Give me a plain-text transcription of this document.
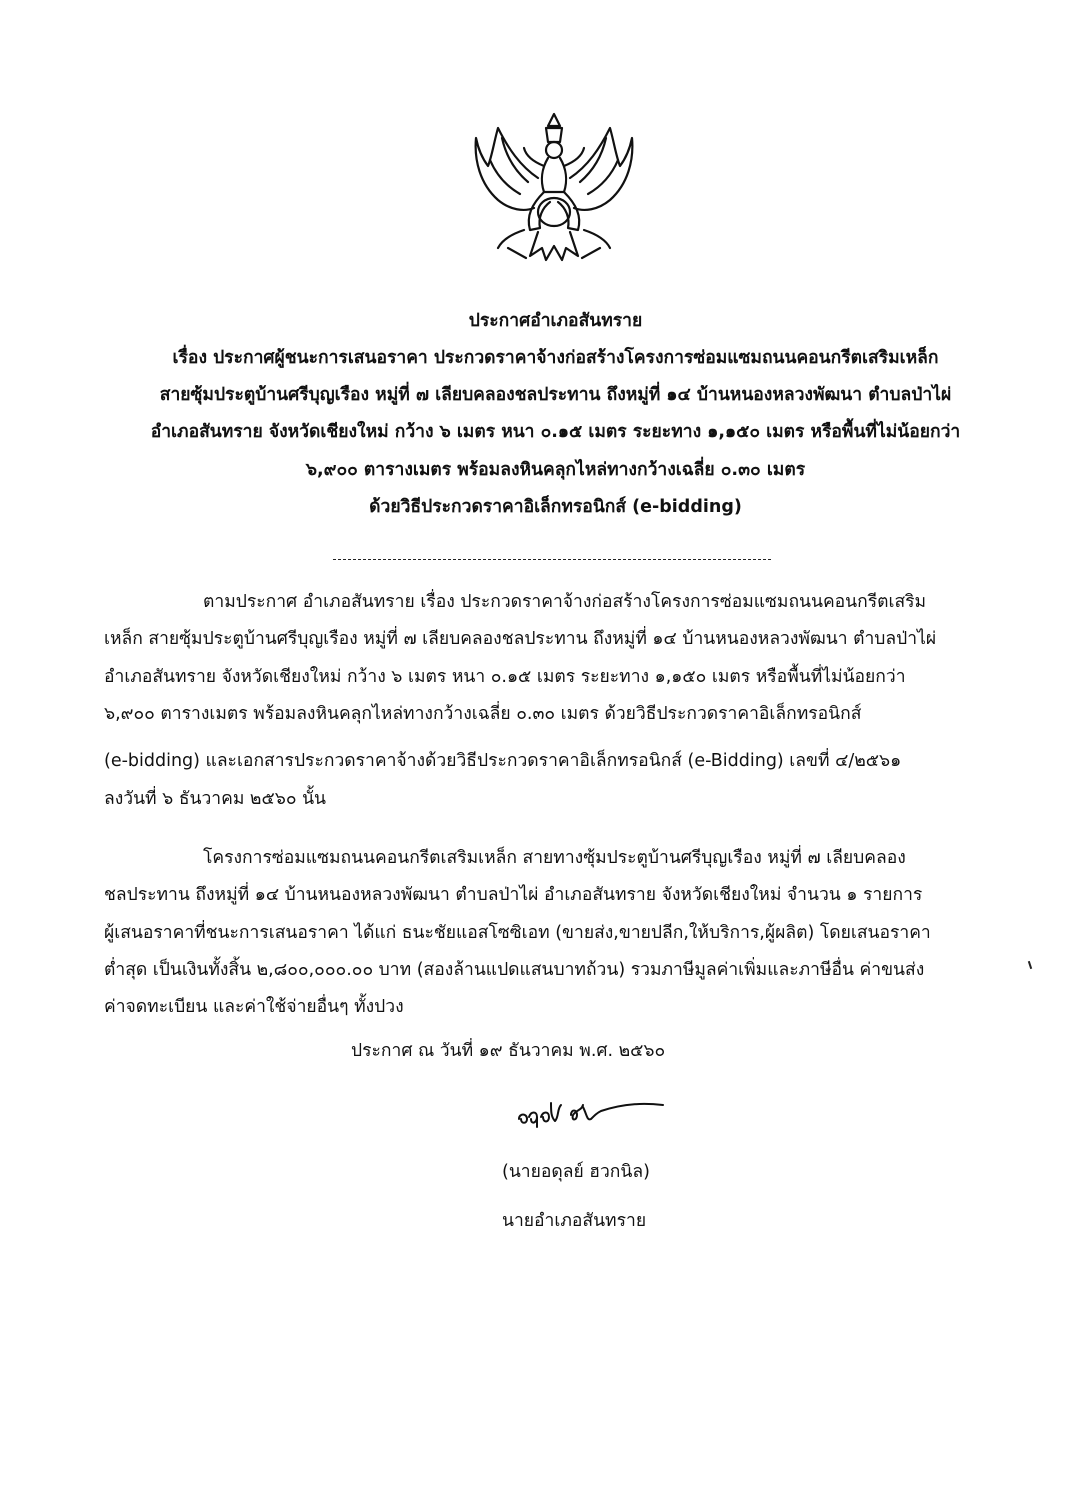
ประกาศอำเภอสันทราย
เรื่อง ประกาศผู้ชนะการเสนอราคา ประกวดราคาจ้างก่อสร้างโครงการซ่อมแซมถนนคอนกรีตเสริมเหล็ก
สายซุ้มประตูบ้านศรีบุญเรือง หมู่ที่ ๗ เลียบคลองชลประทาน ถึงหมู่ที่ ๑๔ บ้านหนองหลวงพัฒนา ตำบลป่าไผ่
อำเภอสันทราย จังหวัดเชียงใหม่ กว้าง ๖ เมตร หนา ๐.๑๕ เมตร ระยะทาง ๑,๑๕๐ เมตร หรือพื้นที่ไม่น้อยกว่า
๖,๙๐๐ ตารางเมตร พร้อมลงหินคลุกไหล่ทางกว้างเฉลี่ย ๐.๓๐ เมตร
ด้วยวิธีประกวดราคาอิเล็กทรอนิกส์ (e-bidding)
ตามประกาศ อำเภอสันทราย เรื่อง ประกวดราคาจ้างก่อสร้างโครงการซ่อมแซมถนนคอนกรีตเสริม
เหล็ก สายซุ้มประตูบ้านศรีบุญเรือง หมู่ที่ ๗ เลียบคลองชลประทาน ถึงหมู่ที่ ๑๔ บ้านหนองหลวงพัฒนา ตำบลป่าไผ่
อำเภอสันทราย จังหวัดเชียงใหม่ กว้าง ๖ เมตร หนา ๐.๑๕ เมตร ระยะทาง ๑,๑๕๐ เมตร หรือพื้นที่ไม่น้อยกว่า
๖,๙๐๐ ตารางเมตร พร้อมลงหินคลุกไหล่ทางกว้างเฉลี่ย ๐.๓๐ เมตร ด้วยวิธีประกวดราคาอิเล็กทรอนิกส์
(e-bidding) และเอกสารประกวดราคาจ้างด้วยวิธีประกวดราคาอิเล็กทรอนิกส์ (e-Bidding) เลขที่ ๔/๒๕๖๑
ลงวันที่ ๖ ธันวาคม ๒๕๖๐ นั้น
โครงการซ่อมแซมถนนคอนกรีตเสริมเหล็ก สายทางซุ้มประตูบ้านศรีบุญเรือง หมู่ที่ ๗ เลียบคลอง
ชลประทาน ถึงหมู่ที่ ๑๔ บ้านหนองหลวงพัฒนา ตำบลป่าไผ่ อำเภอสันทราย จังหวัดเชียงใหม่ จำนวน ๑ รายการ
ผู้เสนอราคาที่ชนะการเสนอราคา ได้แก่ ธนะชัยแอสโซซิเอท (ขายส่ง,ขายปลีก,ให้บริการ,ผู้ผลิต) โดยเสนอราคา
ต่ำสุด เป็นเงินทั้งสิ้น ๒,๘๐๐,๐๐๐.๐๐ บาท (สองล้านแปดแสนบาทถ้วน) รวมภาษีมูลค่าเพิ่มและภาษีอื่น ค่าขนส่ง
ค่าจดทะเบียน และค่าใช้จ่ายอื่นๆ ทั้งปวง
ประกาศ ณ วันที่ ๑๙ ธันวาคม พ.ศ. ๒๕๖๐
(นายอดุลย์ ฮวกนิล)
นายอำเภอสันทราย
